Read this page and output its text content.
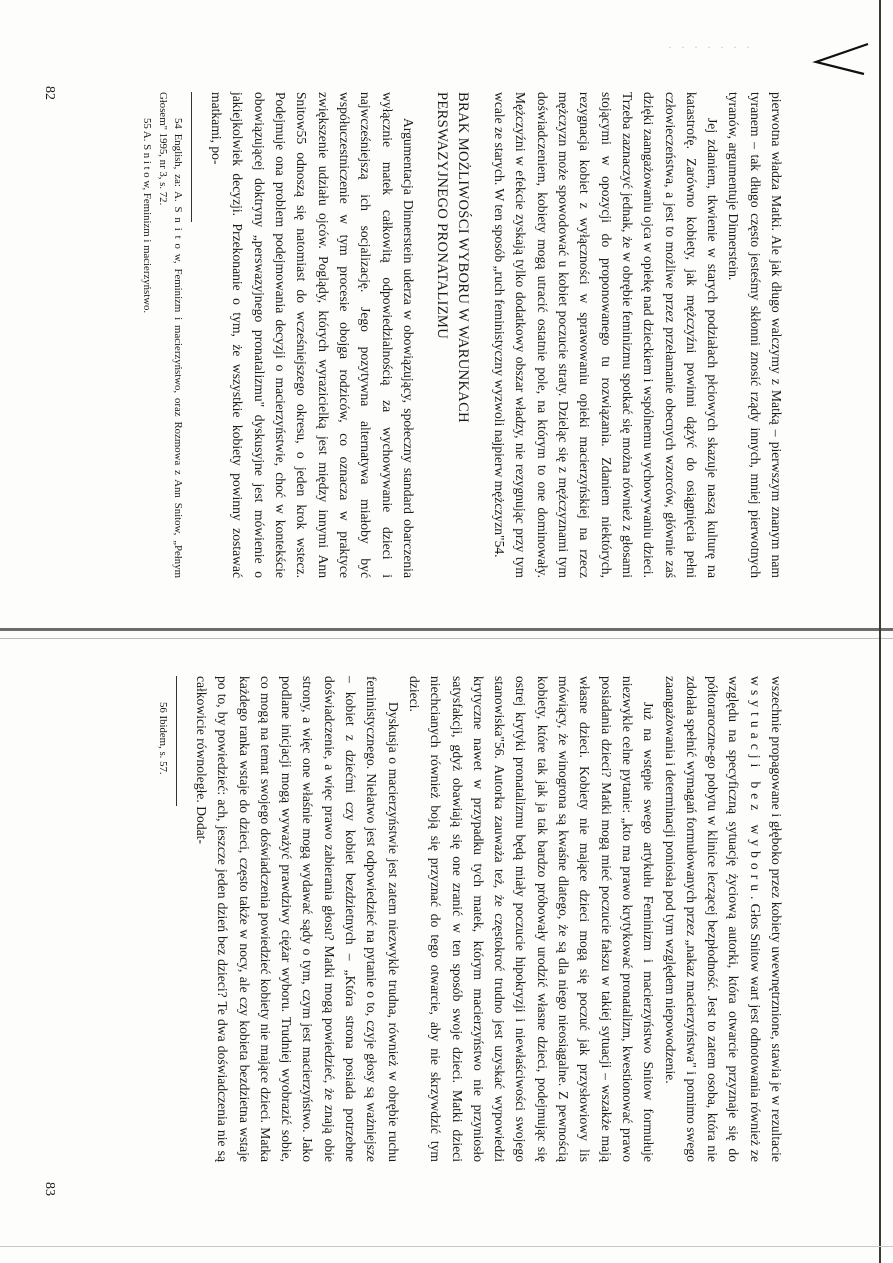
· · · · · · ·

pierwotna władza Matki. Ale jak długo walczymy z Matką – pierwszym znanym nam tyranem – tak długo często jesteśmy skłonni znosić rządy innych, mniej pierwotnych tyranów, argumentuje Dinnerstein.

Jej zdaniem, tkwienie w starych podziałach płciowych skazuje naszą kulturę na katastrofę. Zarówno kobiety, jak mężczyźni powinni dążyć do osiągnięcia pełni człowieczeństwa, a jest to możliwe przez przełamanie obecnych wzorców, głównie zaś dzięki zaangażowaniu ojca w opiekę nad dzieckiem i wspólnemu wychowywaniu dzieci. Trzeba zaznaczyć jednak, że w obrębie feminizmu spotkać się można również z głosami stojącymi w opozycji do proponowanego tu rozwiązania. Zdaniem niektórych, rezygnacja kobiet z wyłączności w sprawowaniu opieki macierzyńskiej na rzecz mężczyzn może spowodować u kobiet poczucie straty. Dzieląc się z mężczyznami tym doświadczeniem, kobiety mogą utracić ostatnie pole, na którym to one dominowały. Mężczyźni w efekcie zyskają tylko dodatkowy obszar władzy, nie rezygnując przy tym wcale ze starych. W ten sposób „ruch feministyczny wyzwoli najpierw mężczyzn"54.

BRAK MOŻLIWOŚCI WYBORU W WARUNKACH
PERSWAZYJNEGO PRONATALIZMU

Argumentacja Dinnerstein uderza w obowiązujący, społeczny standard obarczenia wyłącznie matek całkowitą odpowiedzialnością za wychowywanie dzieci i najwcześniejszą ich socjalizację. Jego pozytywna alternatywa miałoby być współuczestniczenie w tym procesie obojga rodziców, co oznacza w praktyce zwiększenie udziału ojców. Poglądy, których wyrazicielką jest między innymi Ann Snitow55 odnoszą się natomiast do wcześniejszego okresu, o jeden krok wstecz. Podejmuje ona problem podejmowania decyzji o macierzyństwie, choć w kontekście obowiązującej doktryny „perswazyjnego pronatalizmu" dyskusyjne jest mówienie o jakiejkolwiek decyzji. Przekonanie o tym, że wszystkie kobiety powinny zostawać matkami, po-

54 English, za: A. S n i t o w, Feminizm i macierzyństwo, oraz Rozmowa z Ann Snitow, „Pełnym Głosem" 1995, nr 3, s. 72.

55 A. S n i t o w, Feminizm i macierzyństwo.

82

wszechnie propagowane i głęboko przez kobiety uwewnętrznione, stawia je w rezultacie w sytuacji bez wyboru. Głos Snitow wart jest odnotowania również ze względu na specyficzną sytuację życiową autorki, która otwarcie przyznaje się do półtoraroczne-go pobytu w klinice leczącej bezpłodność. Jest to zatem osoba, która nie zdołała spełnić wymagań formułowanych przez „nakaz macierzyństwa" i pomimo swego zaangażowania i determinacji poniosła pod tym względem niepowodzenie.

Już na wstępie swego artykułu Feminizm i macierzyństwo Snitow formułuje niezwykle celne pytanie: „kto ma prawo krytykować pronatalizm, kwestionować prawo posiadania dzieci? Matki mogą mieć poczucie fałszu w takiej sytuacji – wszakże mają własne dzieci. Kobiety nie mające dzieci mogą się poczuć jak przysłowiowy lis mówiący, że winogrona są kwaśne dlatego, że są dla niego nieosiągalne. Z pewnością kobiety, które tak jak ja tak bardzo próbowały urodzić własne dzieci, podejmując się ostrej krytyki pronatalizmu będą miały poczucie hipokryzji i niewłaściwości swojego stanowiska"56. Autorka zauważa też, że częstokroć trudno jest uzyskać wypowiedzi krytyczne nawet w przypadku tych matek, którym macierzyństwo nie przyniosło satysfakcji, gdyż obawiają się one zranić w ten sposób swoje dzieci. Matki dzieci niechcianych również boją się przyznać do tego otwarcie, aby nie skrzywdzić tym dzieci.

Dyskusja o macierzyństwie jest zatem niezwykle trudna, również w obrębie ruchu feministycznego. Niełatwo jest odpowiedzieć na pytanie o to, czyje głosy są ważniejsze – kobiet z dziećmi czy kobiet bezdzietnych – „Która strona posiada potrzebne doświadczenie, a więc prawo zabierania głosu? Matki mogą powiedzieć, że znają obie strony, a więc one właśnie mogą wydawać sądy o tym, czym jest macierzyństwo. Jako podlane inicjacji mogą wyważyć prawdziwy ciężar wyboru. Trudniej wyobrazić sobie, co mogą na temat swojego doświadczenia powiedzieć kobiety nie mające dzieci. Matka każdego ranka wstaje do dzieci, często także w nocy, ale czy kobieta bezdzietna wstaje po to, by powiedzieć: ach, jeszcze jeden dzień bez dzieci? Te dwa doświadczenia nie są całkowicie równoległe. Dodat-

56 Ibidem, s. 57.

83
